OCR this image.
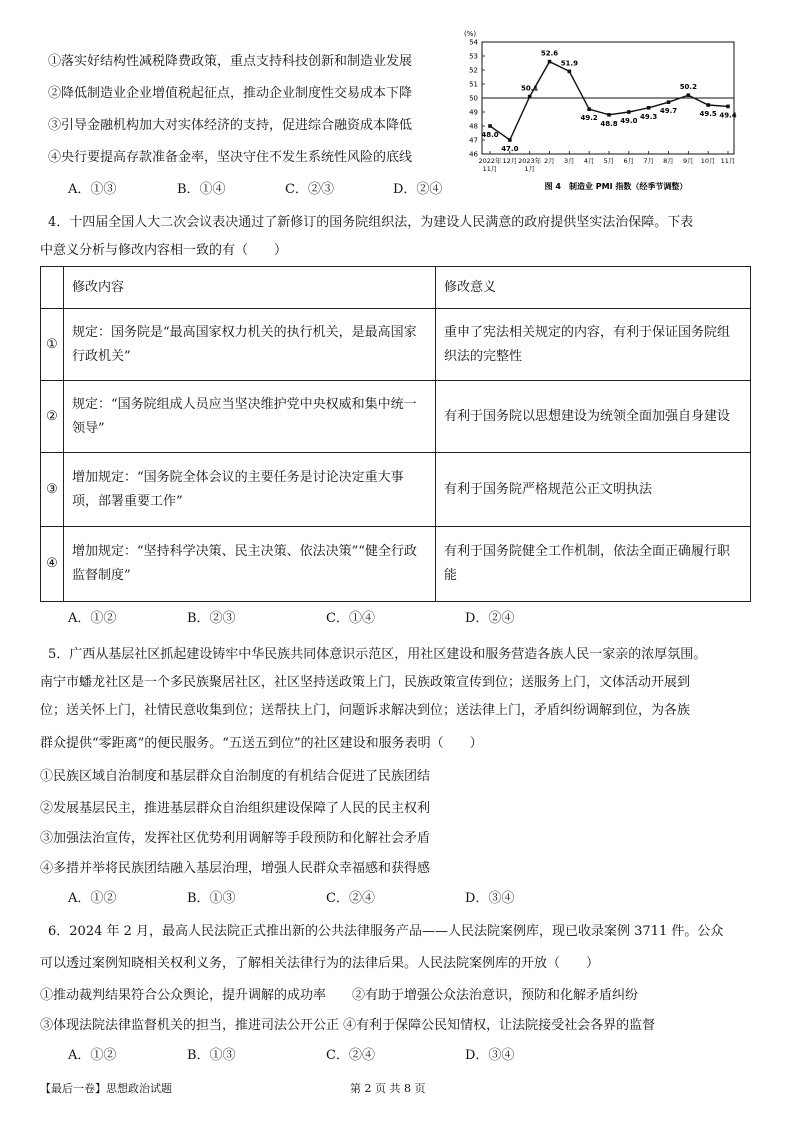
①落实好结构性减税降费政策，重点支持科技创新和制造业发展
②降低制造业企业增值税起征点，推动企业制度性交易成本下降
③引导金融机构加大对实体经济的支持，促进综合融资成本降低
④央行要提高存款准备金率，坚决守住不发生系统性风险的底线
A．①③	B．①④	C．②③	D．②④
(%)
46
47
48
49
50
51
52
53
54
2022年
11月
12月 2023年
1月
2月 3月 4月 5月 6月 7月 8月 9月 10月 11月
48.0
47.0
50.1
52.6
51.9
49.2
48.8 49.0
49.3
49.7
50.2
49.5 49.4
图 4　制造业 PMI 指数（经季节调整）
4．十四届全国人大二次会议表决通过了新修订的国务院组织法，为建设人民满意的政府提供坚实法治保障。下表
中意义分析与修改内容相一致的有（　　）
	修改内容	修改意义
①	规定：国务院是“最高国家权力机关的执行机关，是最高国家行政机关”	重申了宪法相关规定的内容，有利于保证国务院组织法的完整性
②	规定：“国务院组成人员应当坚决维护党中央权威和集中统一领导”	有利于国务院以思想建设为统领全面加强自身建设
③	增加规定：“国务院全体会议的主要任务是讨论决定重大事项，部署重要工作”	有利于国务院严格规范公正文明执法
④	增加规定：“坚持科学决策、民主决策、依法决策”“健全行政监督制度”	有利于国务院健全工作机制，依法全面正确履行职能
A．①②	B．②③	C．①④	D．②④
5．广西从基层社区抓起建设铸牢中华民族共同体意识示范区，用社区建设和服务营造各族人民一家亲的浓厚氛围。
南宁市蟠龙社区是一个多民族聚居社区，社区坚持送政策上门，民族政策宣传到位；送服务上门，文体活动开展到
位；送关怀上门，社情民意收集到位；送帮扶上门，问题诉求解决到位；送法律上门，矛盾纠纷调解到位，为各族
群众提供“零距离”的便民服务。“五送五到位”的社区建设和服务表明（　　）
①民族区域自治制度和基层群众自治制度的有机结合促进了民族团结
②发展基层民主，推进基层群众自治组织建设保障了人民的民主权利
③加强法治宣传，发挥社区优势利用调解等手段预防和化解社会矛盾
④多措并举将民族团结融入基层治理，增强人民群众幸福感和获得感
A．①②	B．①③	C．②④	D．③④
6．2024 年 2 月，最高人民法院正式推出新的公共法律服务产品——人民法院案例库，现已收录案例 3711 件。公众
可以透过案例知晓相关权利义务，了解相关法律行为的法律后果。人民法院案例库的开放（　　）
①推动裁判结果符合公众舆论，提升调解的成功率　　②有助于增强公众法治意识，预防和化解矛盾纠纷
③体现法院法律监督机关的担当，推进司法公开公正 ④有利于保障公民知情权，让法院接受社会各界的监督
A．①②	B．①③	C．②④	D．③④
【最后一卷】思想政治试题	第 2 页 共 8 页
